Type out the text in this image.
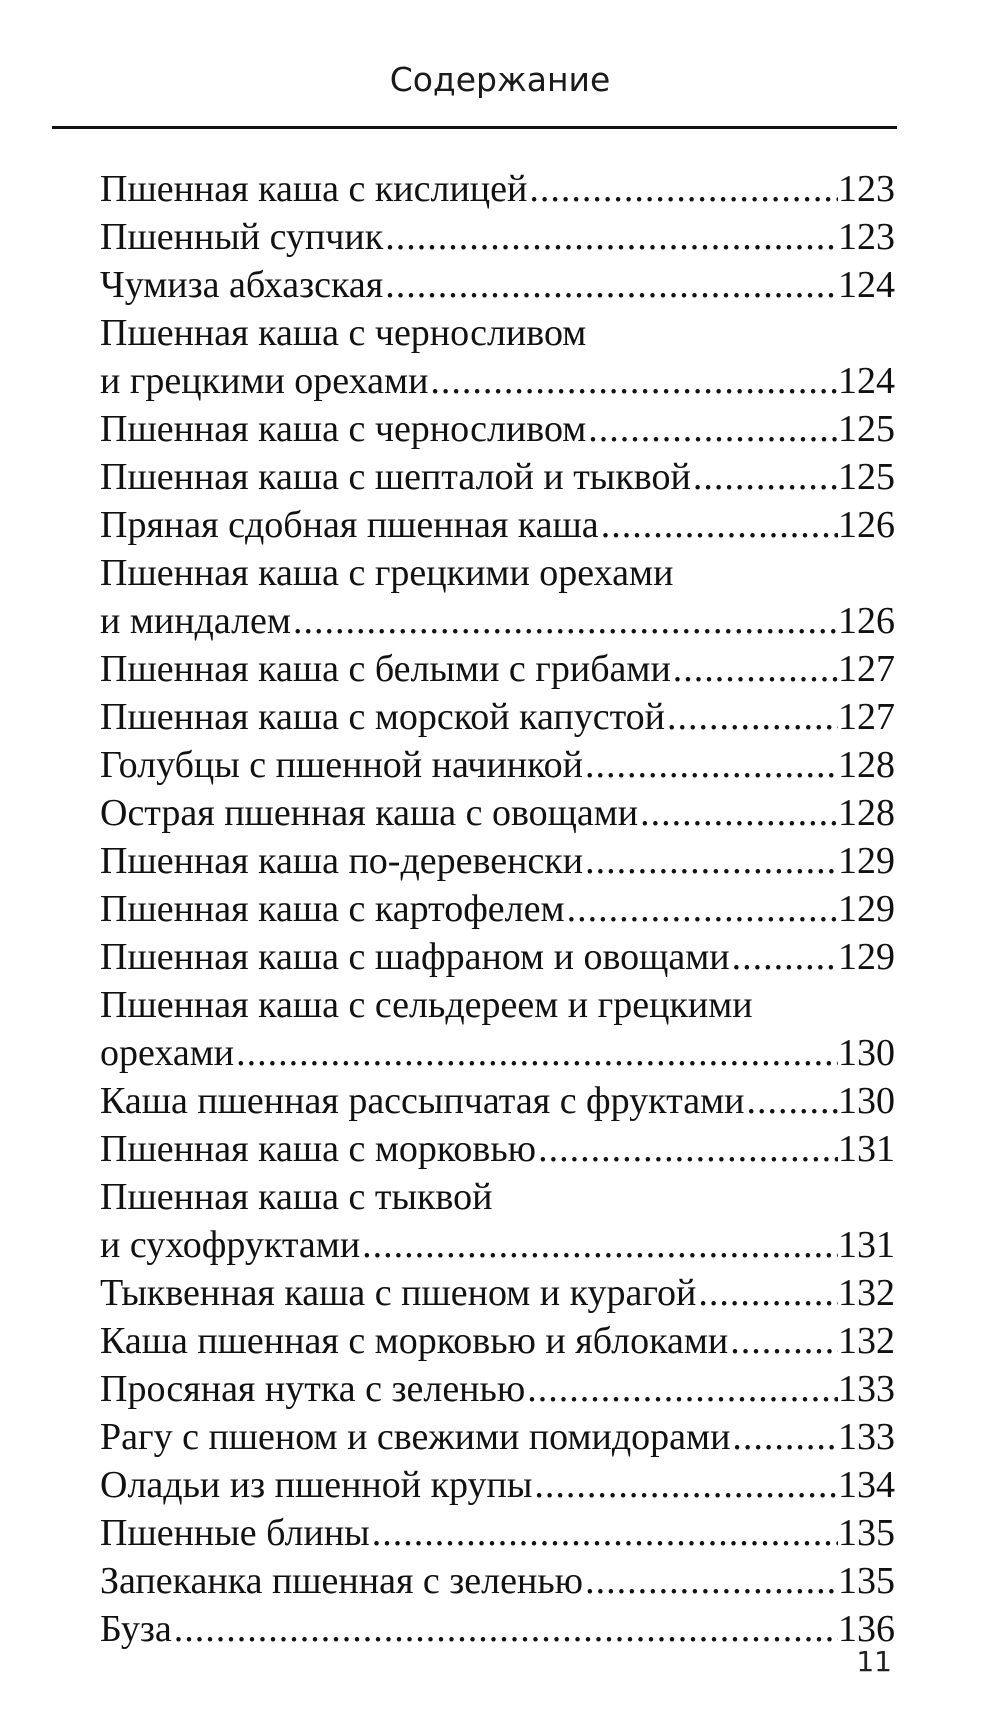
Содержание
Пшенная каша с кислицей .....	123
Пшенный супчик .....	123
Чумиза абхазская .....	124
Пшенная каша с черносливом
и грецкими орехами .....	124
Пшенная каша с черносливом .....	125
Пшенная каша с шепталой и тыквой .....	125
Пряная сдобная пшенная каша .....	126
Пшенная каша с грецкими орехами
и миндалем .....	126
Пшенная каша с белыми с грибами .....	127
Пшенная каша с морской капустой .....	127
Голубцы с пшенной начинкой .....	128
Острая пшенная каша с овощами .....	128
Пшенная каша по-деревенски .....	129
Пшенная каша с картофелем .....	129
Пшенная каша с шафраном и овощами .....	129
Пшенная каша с сельдереем и грецкими
орехами .....	130
Каша пшенная рассыпчатая с фруктами ..... 130
Пшенная каша с морковью .....	131
Пшенная каша с тыквой
и сухофруктами .....	131
Тыквенная каша с пшеном и курагой .....	132
Каша пшенная с морковью и яблоками .....	132
Просяная нутка с зеленью .....	133
Рагу с пшеном и свежими помидорами .....	133
Оладьи из пшенной крупы .....	134
Пшенные блины .....	135
Запеканка пшенная с зеленью .....	135
Буза .....	136
11
